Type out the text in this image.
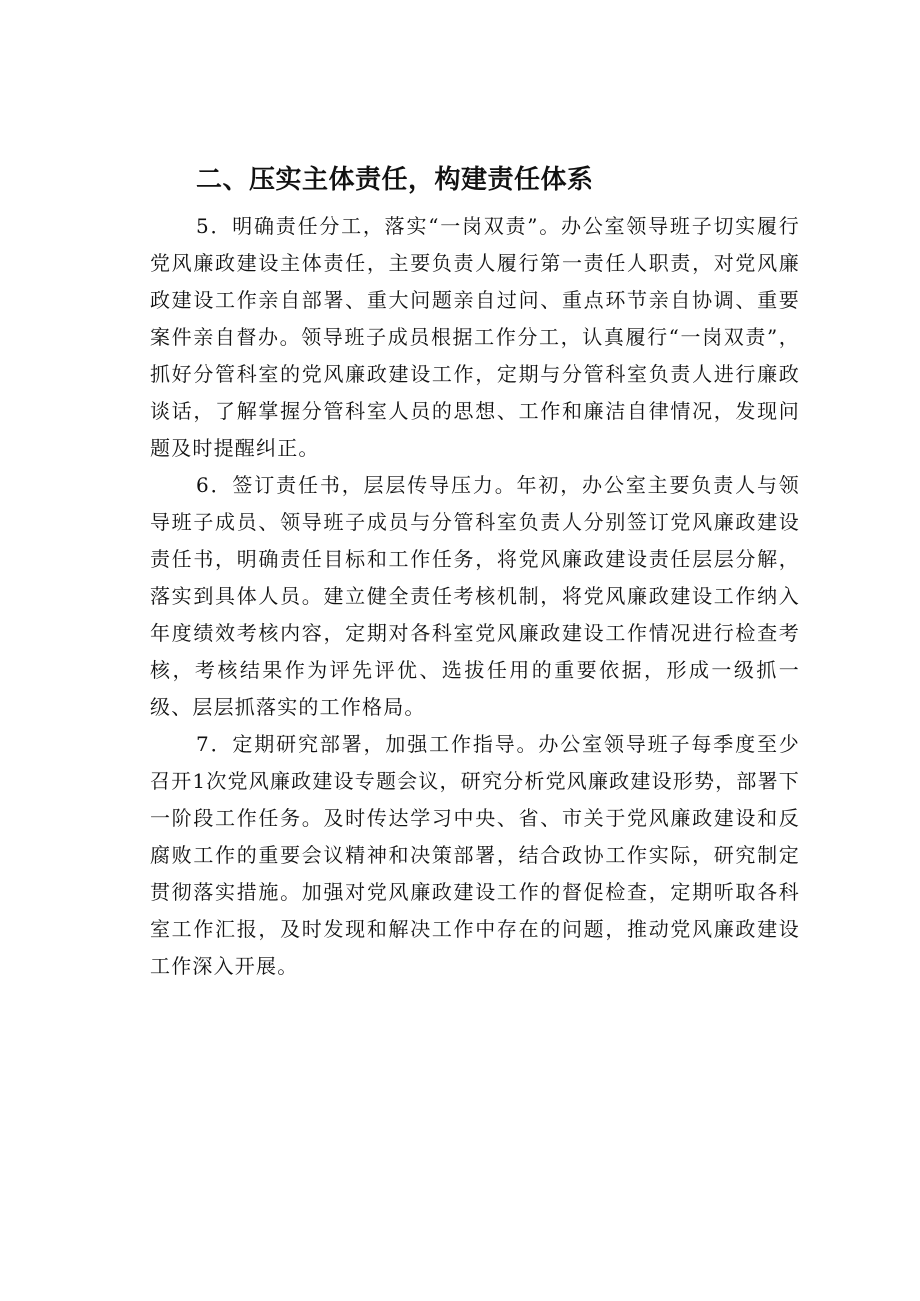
二、压实主体责任，构建责任体系

5．明确责任分工，落实“一岗双责”。办公室领导班子切实履行党风廉政建设主体责任，主要负责人履行第一责任人职责，对党风廉政建设工作亲自部署、重大问题亲自过问、重点环节亲自协调、重要案件亲自督办。领导班子成员根据工作分工，认真履行“一岗双责”，抓好分管科室的党风廉政建设工作，定期与分管科室负责人进行廉政谈话，了解掌握分管科室人员的思想、工作和廉洁自律情况，发现问题及时提醒纠正。

6．签订责任书，层层传导压力。年初，办公室主要负责人与领导班子成员、领导班子成员与分管科室负责人分别签订党风廉政建设责任书，明确责任目标和工作任务，将党风廉政建设责任层层分解，落实到具体人员。建立健全责任考核机制，将党风廉政建设工作纳入年度绩效考核内容，定期对各科室党风廉政建设工作情况进行检查考核，考核结果作为评先评优、选拔任用的重要依据，形成一级抓一级、层层抓落实的工作格局。

7．定期研究部署，加强工作指导。办公室领导班子每季度至少召开1次党风廉政建设专题会议，研究分析党风廉政建设形势，部署下一阶段工作任务。及时传达学习中央、省、市关于党风廉政建设和反腐败工作的重要会议精神和决策部署，结合政协工作实际，研究制定贯彻落实措施。加强对党风廉政建设工作的督促检查，定期听取各科室工作汇报，及时发现和解决工作中存在的问题，推动党风廉政建设工作深入开展。
